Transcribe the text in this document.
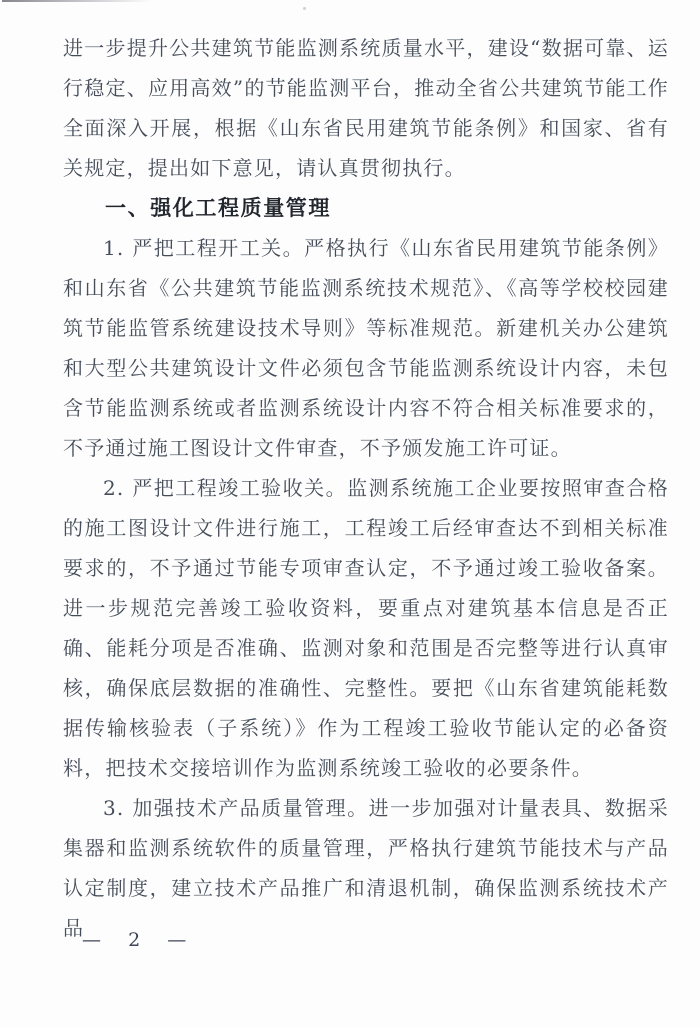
进一步提升公共建筑节能监测系统质量水平，建设“数据可靠、运行稳定、应用高效”的节能监测平台，推动全省公共建筑节能工作全面深入开展，根据《山东省民用建筑节能条例》和国家、省有关规定，提出如下意见，请认真贯彻执行。

一、强化工程质量管理

1. 严把工程开工关。严格执行《山东省民用建筑节能条例》和山东省《公共建筑节能监测系统技术规范》、《高等学校校园建筑节能监管系统建设技术导则》等标准规范。新建机关办公建筑和大型公共建筑设计文件必须包含节能监测系统设计内容，未包含节能监测系统或者监测系统设计内容不符合相关标准要求的，不予通过施工图设计文件审查，不予颁发施工许可证。

2. 严把工程竣工验收关。监测系统施工企业要按照审查合格的施工图设计文件进行施工，工程竣工后经审查达不到相关标准要求的，不予通过节能专项审查认定，不予通过竣工验收备案。进一步规范完善竣工验收资料，要重点对建筑基本信息是否正确、能耗分项是否准确、监测对象和范围是否完整等进行认真审核，确保底层数据的准确性、完整性。要把《山东省建筑能耗数据传输核验表（子系统）》作为工程竣工验收节能认定的必备资料，把技术交接培训作为监测系统竣工验收的必要条件。

3. 加强技术产品质量管理。进一步加强对计量表具、数据采集器和监测系统软件的质量管理，严格执行建筑节能技术与产品认定制度，建立技术产品推广和清退机制，确保监测系统技术产品

—  2  —
